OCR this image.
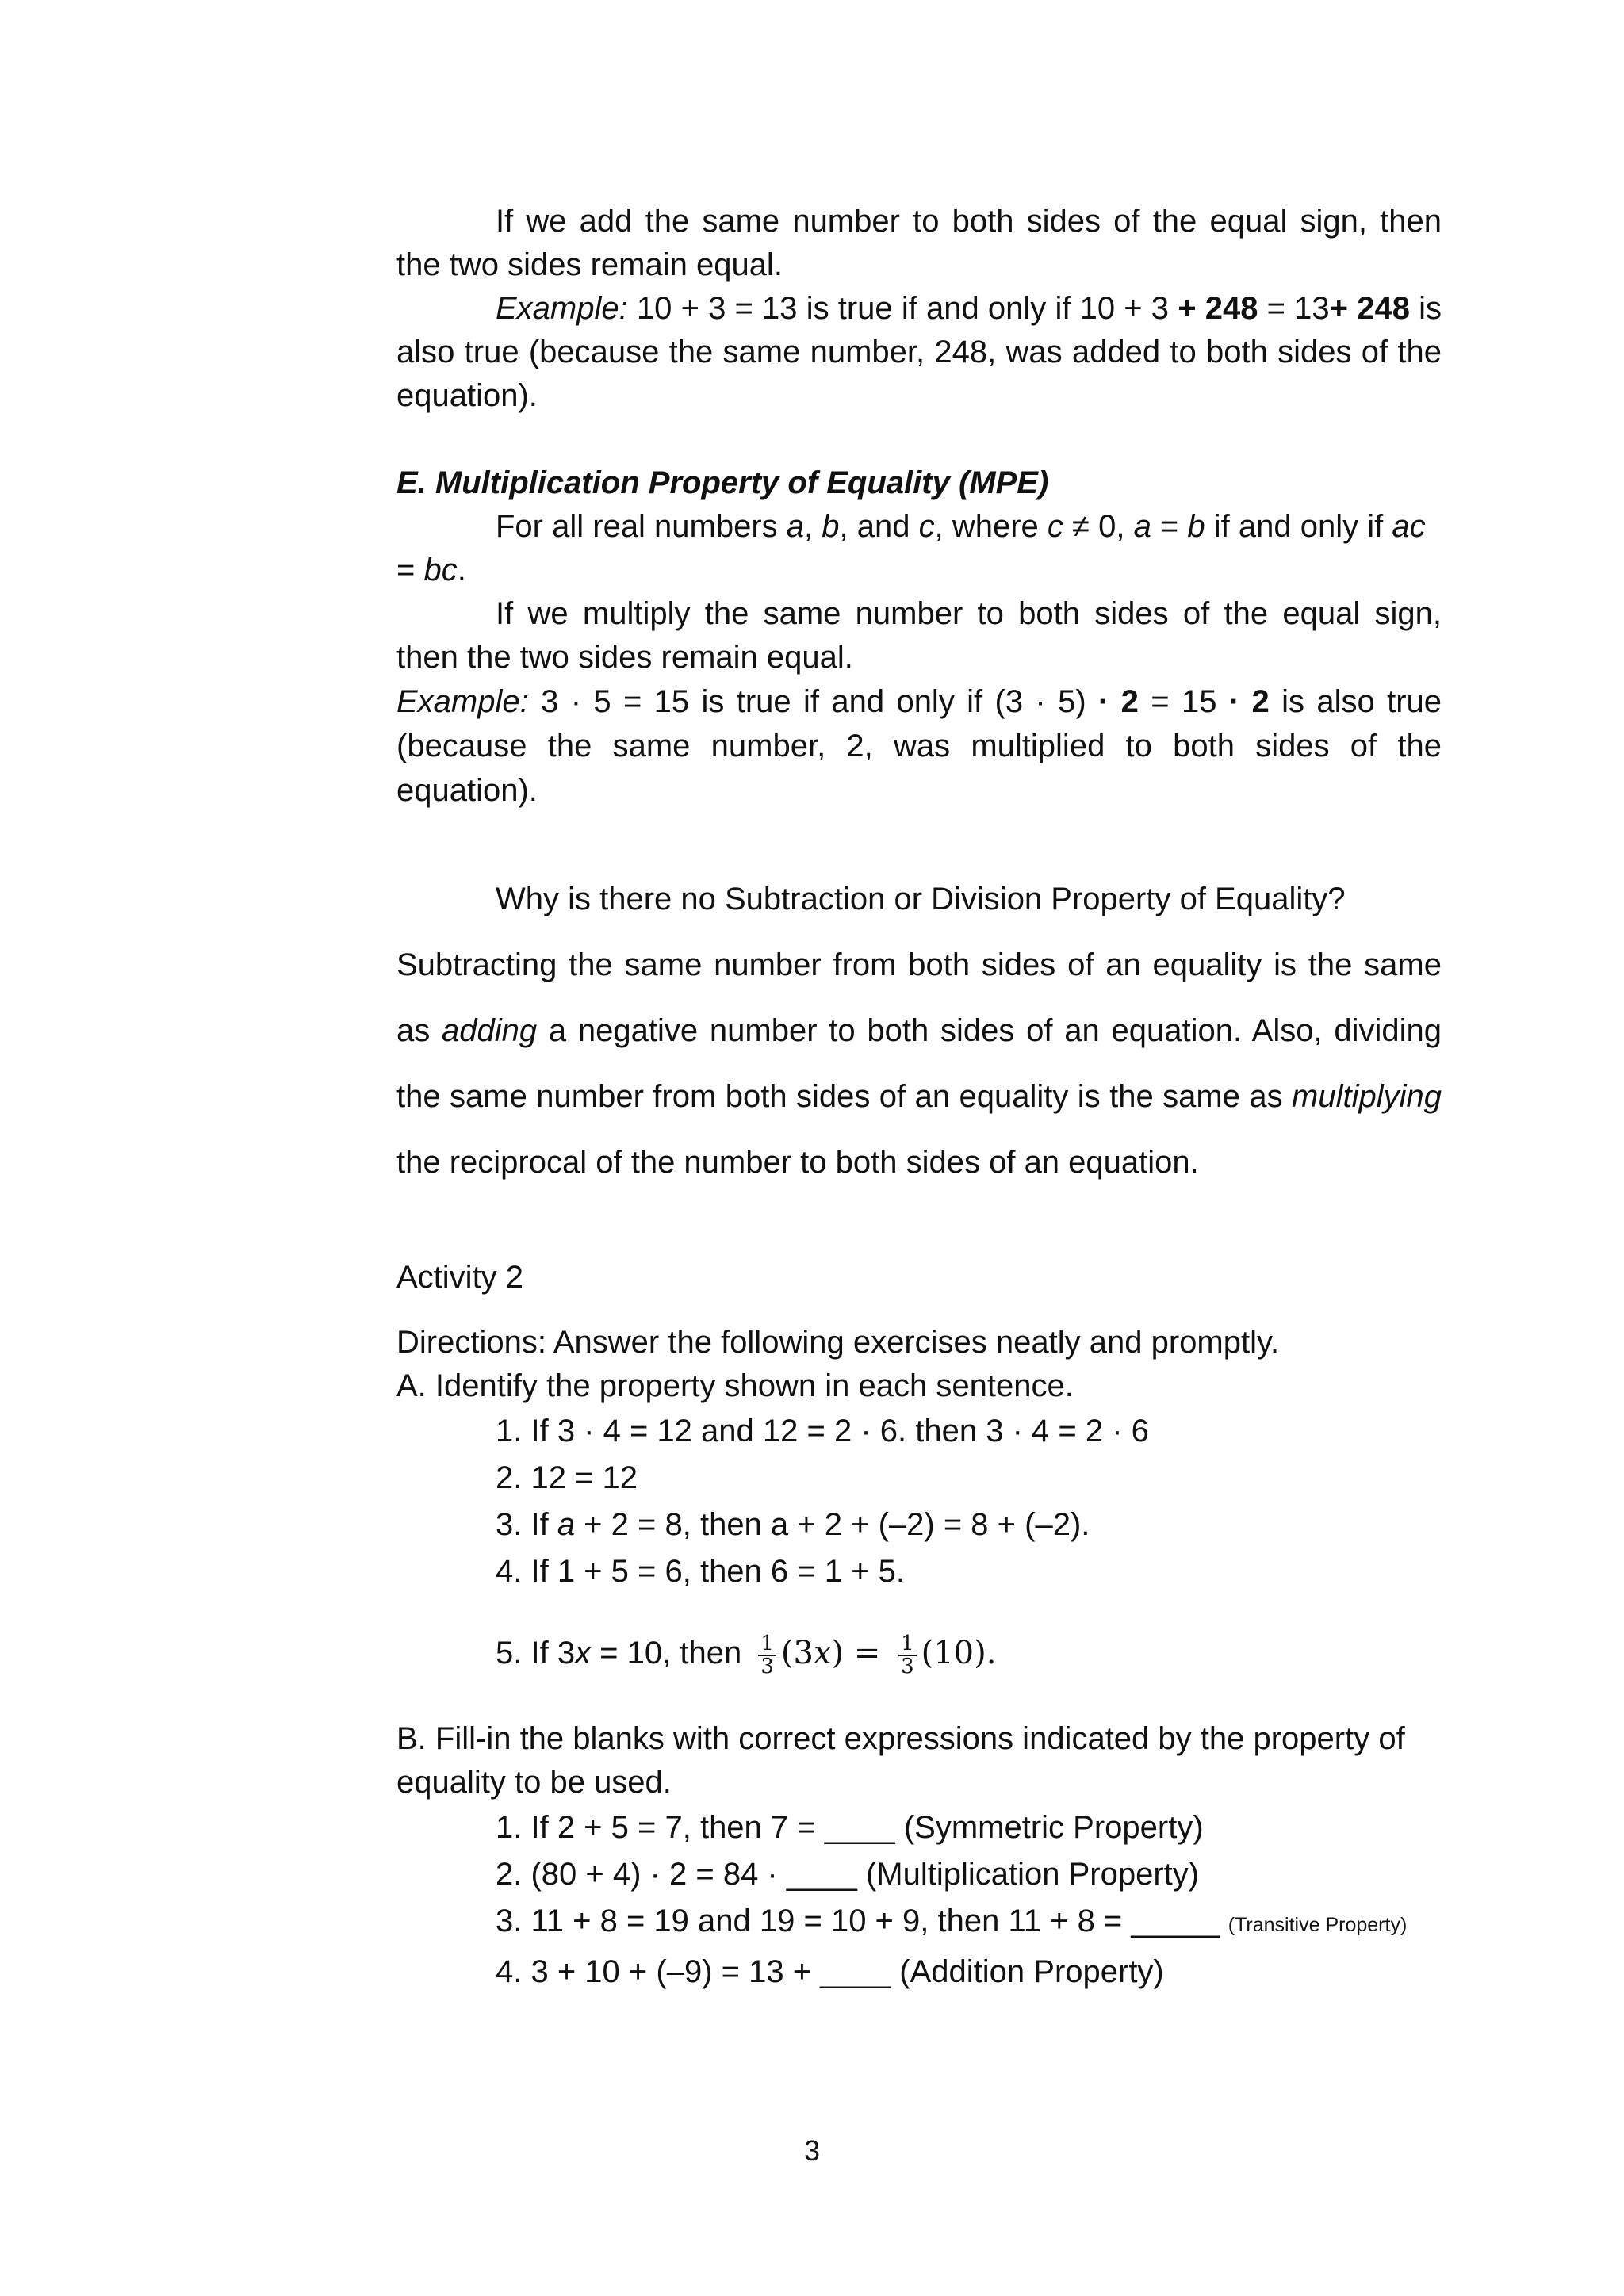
If we add the same number to both sides of the equal sign, then the two sides remain equal.

Example: 10 + 3 = 13 is true if and only if 10 + 3 + 248 = 13+ 248 is also true (because the same number, 248, was added to both sides of the equation).

E. Multiplication Property of Equality (MPE)

For all real numbers a, b, and c, where c ≠ 0, a = b if and only if ac = bc.

If we multiply the same number to both sides of the equal sign, then the two sides remain equal.

Example: 3 · 5 = 15 is true if and only if (3 · 5) · 2 = 15 · 2 is also true (because the same number, 2, was multiplied to both sides of the equation).

Why is there no Subtraction or Division Property of Equality?

Subtracting the same number from both sides of an equality is the same as adding a negative number to both sides of an equation. Also, dividing the same number from both sides of an equality is the same as multiplying the reciprocal of the number to both sides of an equation.

Activity 2

Directions: Answer the following exercises neatly and promptly.

A. Identify the property shown in each sentence.

1. If 3 · 4 = 12 and 12 = 2 · 6. then 3 · 4 = 2 · 6

2. 12 = 12

3. If a + 2 = 8, then a + 2 + (–2) = 8 + (–2).

4. If 1 + 5 = 6, then 6 = 1 + 5.

5. If 3x = 10, then $\frac{1}{3} (3x) = \frac{1}{3} (10)$.

B. Fill-in the blanks with correct expressions indicated by the property of equality to be used.

1. If 2 + 5 = 7, then 7 = ____ (Symmetric Property)

2. (80 + 4) · 2 = 84 · ____ (Multiplication Property)

3. 11 + 8 = 19 and 19 = 10 + 9, then 11 + 8 = _____ (Transitive Property)

4. 3 + 10 + (–9) = 13 + ____ (Addition Property)

3
